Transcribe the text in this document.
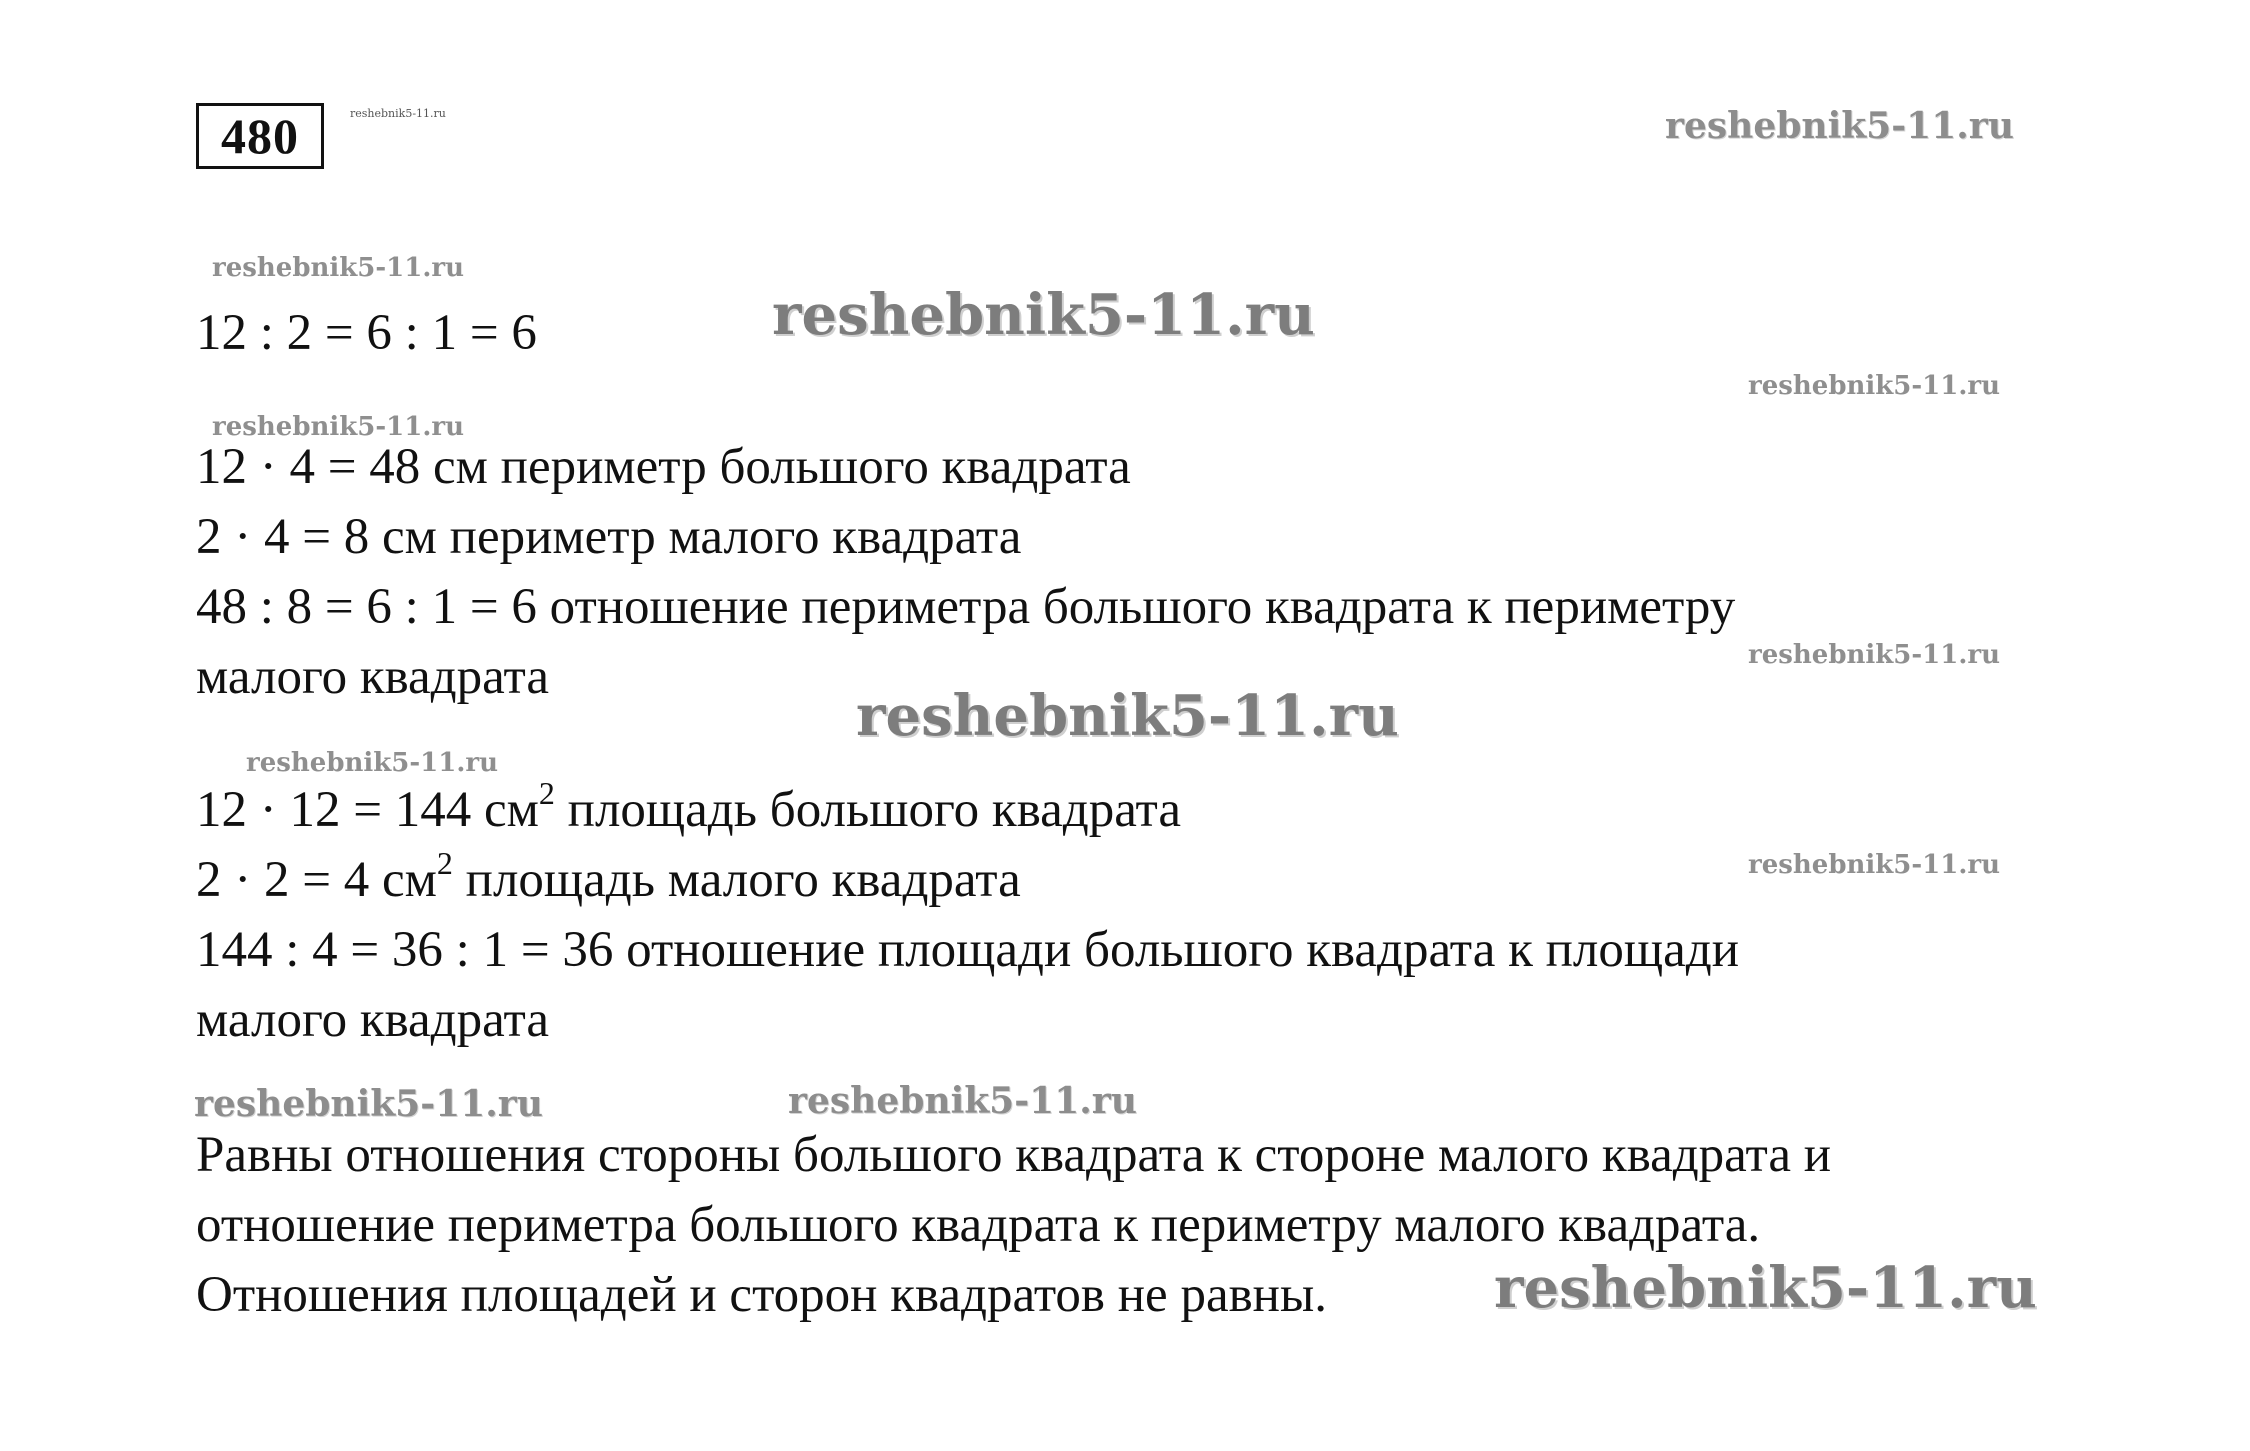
480	reshebnik5-11.ru	reshebnik5-11.ru
reshebnik5-11.ru
reshebnik5-11.ru
reshebnik5-11.ru
reshebnik5-11.ru
reshebnik5-11.ru
reshebnik5-11.ru
reshebnik5-11.ru
reshebnik5-11.ru
reshebnik5-11.ru	reshebnik5-11.ru
reshebnik5-11.ru
12 : 2 = 6 : 1 = 6
12 · 4 = 48 см периметр большого квадрата
2 · 4 = 8 см периметр малого квадрата
48 : 8 = 6 : 1 = 6 отношение периметра большого квадрата к периметру
малого квадрата
12 · 12 = 144 $см^2$ площадь большого квадрата
2 · 2 = 4 $см^2$ площадь малого квадрата
144 : 4 = 36 : 1 = 36 отношение площади большого квадрата к площади
малого квадрата
Равны отношения стороны большого квадрата к стороне малого квадрата и
отношение периметра большого квадрата к периметру малого квадрата.
Отношения площадей и сторон квадратов не равны.
